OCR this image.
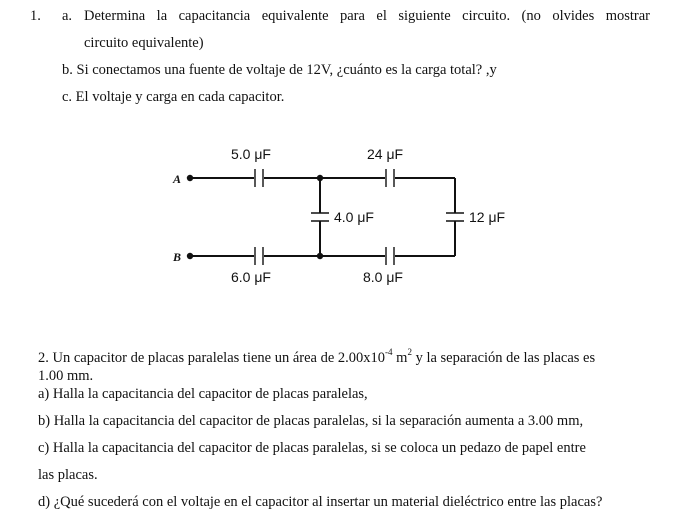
1. a. Determina la capacitancia equivalente para el siguiente circuito. (no olvides mostrar
circuito equivalente)
b. Si conectamos una fuente de voltaje de 12V, ¿cuánto es la carga total? ,y
c. El voltaje y carga en cada capacitor.
A
B
5.0 μF	24 μF
4.0 μF	12 μF
6.0 μF	8.0 μF
2. Un capacitor de placas paralelas tiene un área de $2.00x10^{-4}$ $m^2$ y la separación de las placas es
1.00 mm.
a) Halla la capacitancia del capacitor de placas paralelas,
b) Halla la capacitancia del capacitor de placas paralelas, si la separación aumenta a 3.00 mm,
c) Halla la capacitancia del capacitor de placas paralelas, si se coloca un pedazo de papel entre
las placas.
d) ¿Qué sucederá con el voltaje en el capacitor al insertar un material dieléctrico entre las placas?
